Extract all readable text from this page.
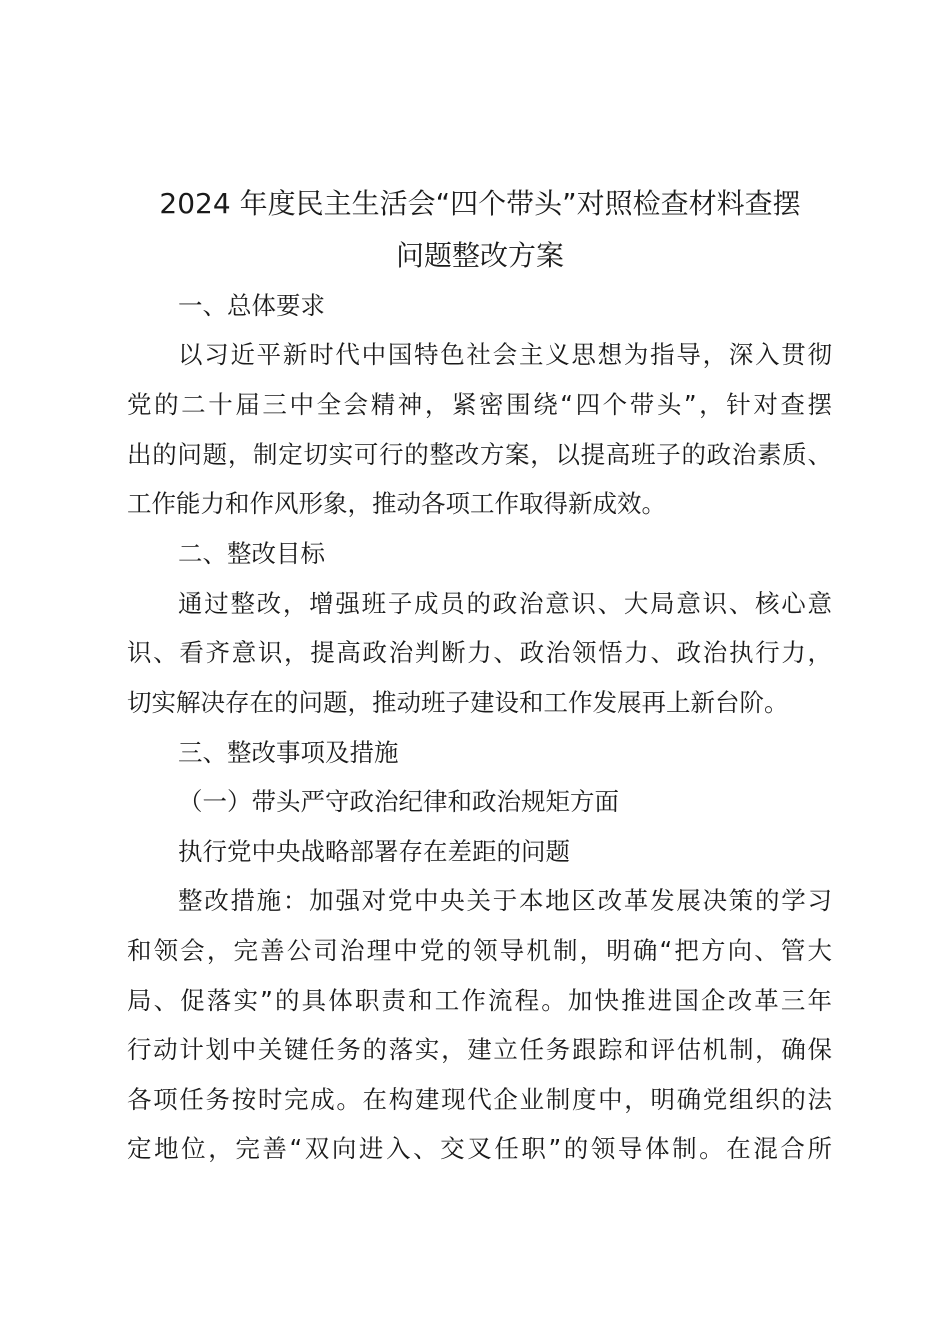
2024 年度民主生活会“四个带头”对照检查材料查摆
问题整改方案
一、总体要求
以习近平新时代中国特色社会主义思想为指导，深入贯彻
党的二十届三中全会精神，紧密围绕“四个带头”，针对查摆
出的问题，制定切实可行的整改方案，以提高班子的政治素质、
工作能力和作风形象，推动各项工作取得新成效。
二、整改目标
通过整改，增强班子成员的政治意识、大局意识、核心意
识、看齐意识，提高政治判断力、政治领悟力、政治执行力，
切实解决存在的问题，推动班子建设和工作发展再上新台阶。
三、整改事项及措施
（一）带头严守政治纪律和政治规矩方面
执行党中央战略部署存在差距的问题
整改措施：加强对党中央关于本地区改革发展决策的学习
和领会，完善公司治理中党的领导机制，明确“把方向、管大
局、促落实”的具体职责和工作流程。加快推进国企改革三年
行动计划中关键任务的落实，建立任务跟踪和评估机制，确保
各项任务按时完成。在构建现代企业制度中，明确党组织的法
定地位，完善“双向进入、交叉任职”的领导体制。在混合所
